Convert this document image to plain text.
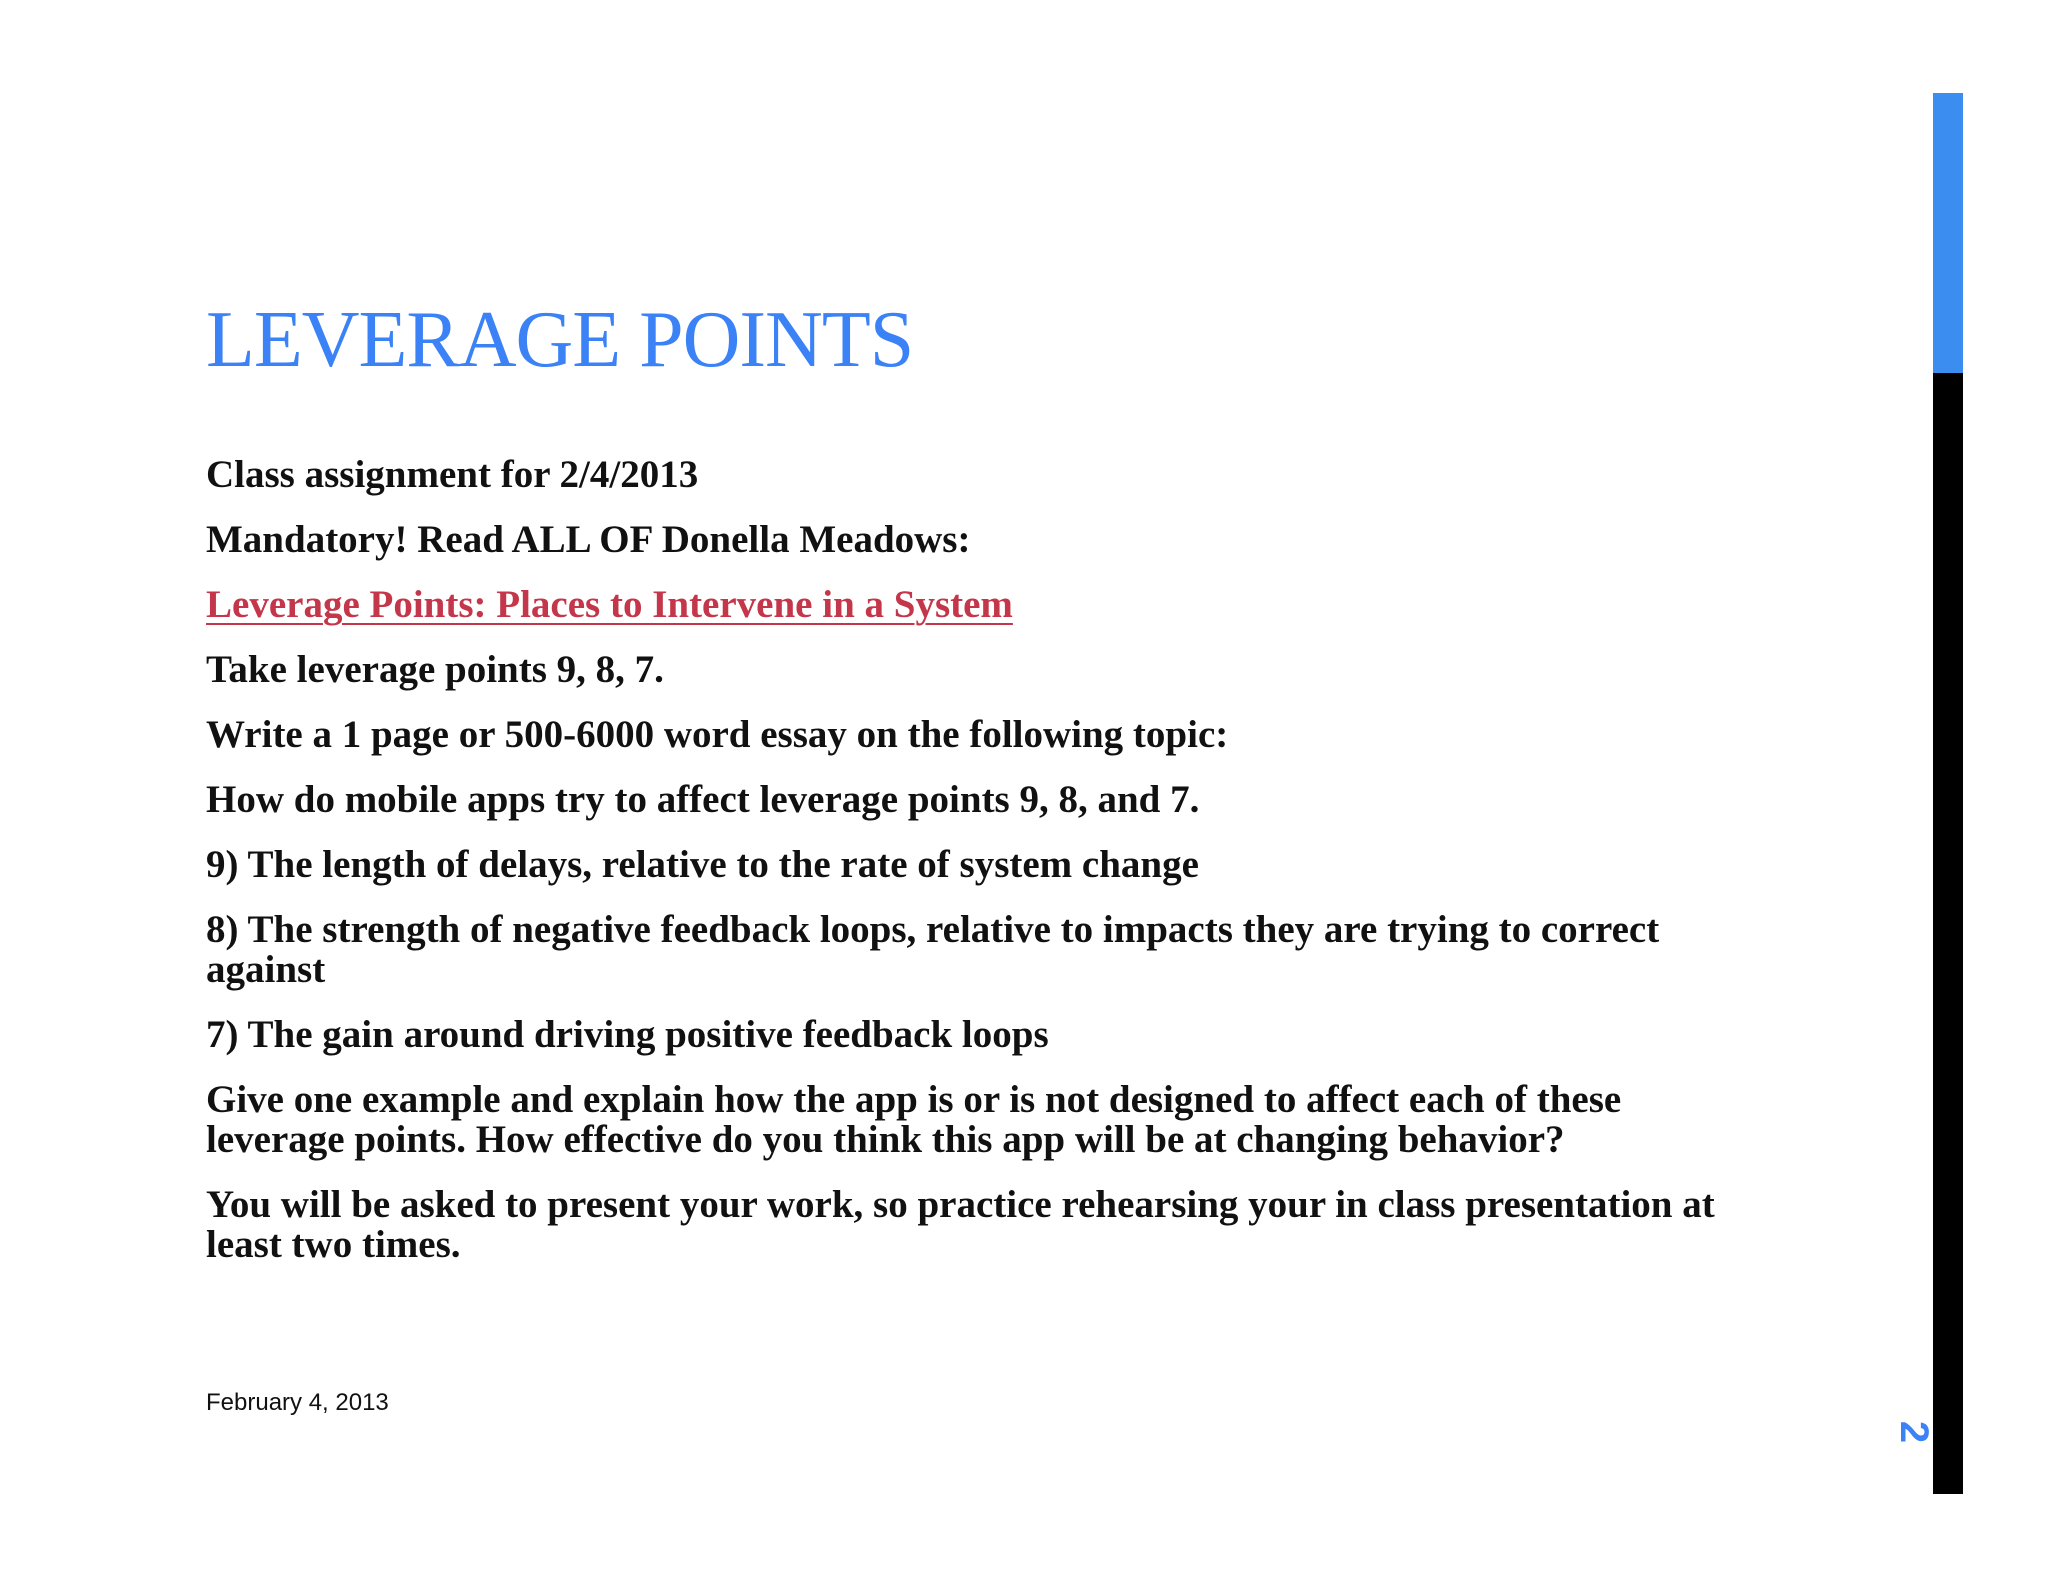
LEVERAGE POINTS

Class assignment for 2/4/2013

Mandatory! Read ALL OF Donella Meadows:

Leverage Points: Places to Intervene in a System

Take leverage points 9, 8, 7.

Write a 1 page or 500-6000 word essay on the following topic:

How do mobile apps try to affect leverage points 9, 8, and 7.

9) The length of delays, relative to the rate of system change

8) The strength of negative feedback loops, relative to impacts they are trying to correct against

7) The gain around driving positive feedback loops

Give one example and explain how the app is or is not designed to affect each of these leverage points. How effective do you think this app will be at changing behavior?

You will be asked to present your work, so practice rehearsing your in class presentation at least two times.

February 4, 2013
2
